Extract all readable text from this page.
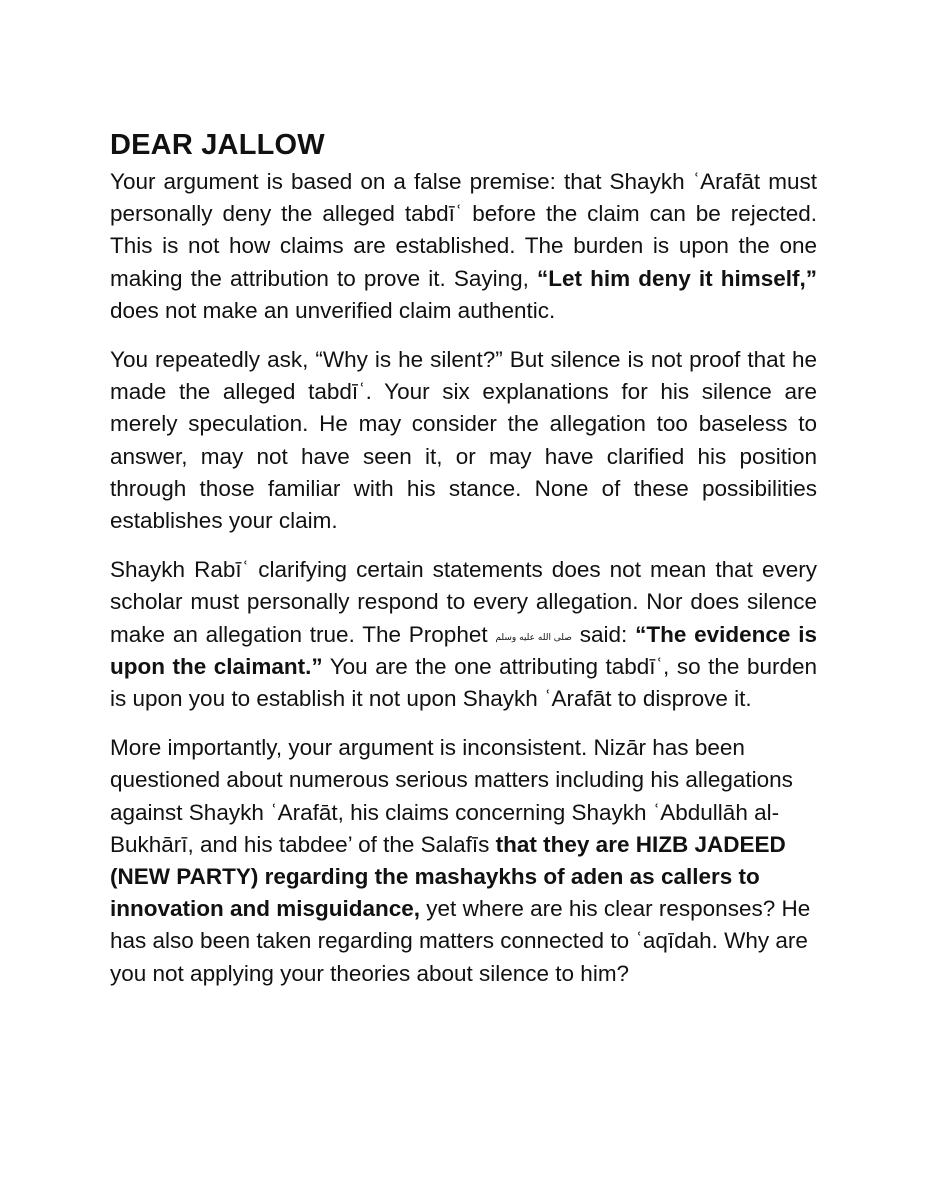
DEAR JALLOW

Your argument is based on a false premise: that Shaykh ʿArafāt must personally deny the alleged tabdīʿ before the claim can be rejected. This is not how claims are established. The burden is upon the one making the attribution to prove it. Saying, “Let him deny it himself,” does not make an unverified claim authentic.

You repeatedly ask, “Why is he silent?” But silence is not proof that he made the alleged tabdīʿ. Your six explanations for his silence are merely speculation. He may consider the allegation too baseless to answer, may not have seen it, or may have clarified his position through those familiar with his stance. None of these possibilities establishes your claim.

Shaykh Rabīʿ clarifying certain statements does not mean that every scholar must personally respond to every allegation. Nor does silence make an allegation true. The Prophet صلى الله عليه وسلم said: “The evidence is upon the claimant.” You are the one attributing tabdīʿ, so the burden is upon you to establish it not upon Shaykh ʿArafāt to disprove it.

More importantly, your argument is inconsistent. Nizār has been questioned about numerous serious matters including his allegations against Shaykh ʿArafāt, his claims concerning Shaykh ʿAbdullāh al-Bukhārī, and his tabdee’ of the Salafīs that they are HIZB JADEED (NEW PARTY) regarding the mashaykhs of aden as callers to innovation and misguidance, yet where are his clear responses? He has also been taken regarding matters connected to ʿaqīdah. Why are you not applying your theories about silence to him?
